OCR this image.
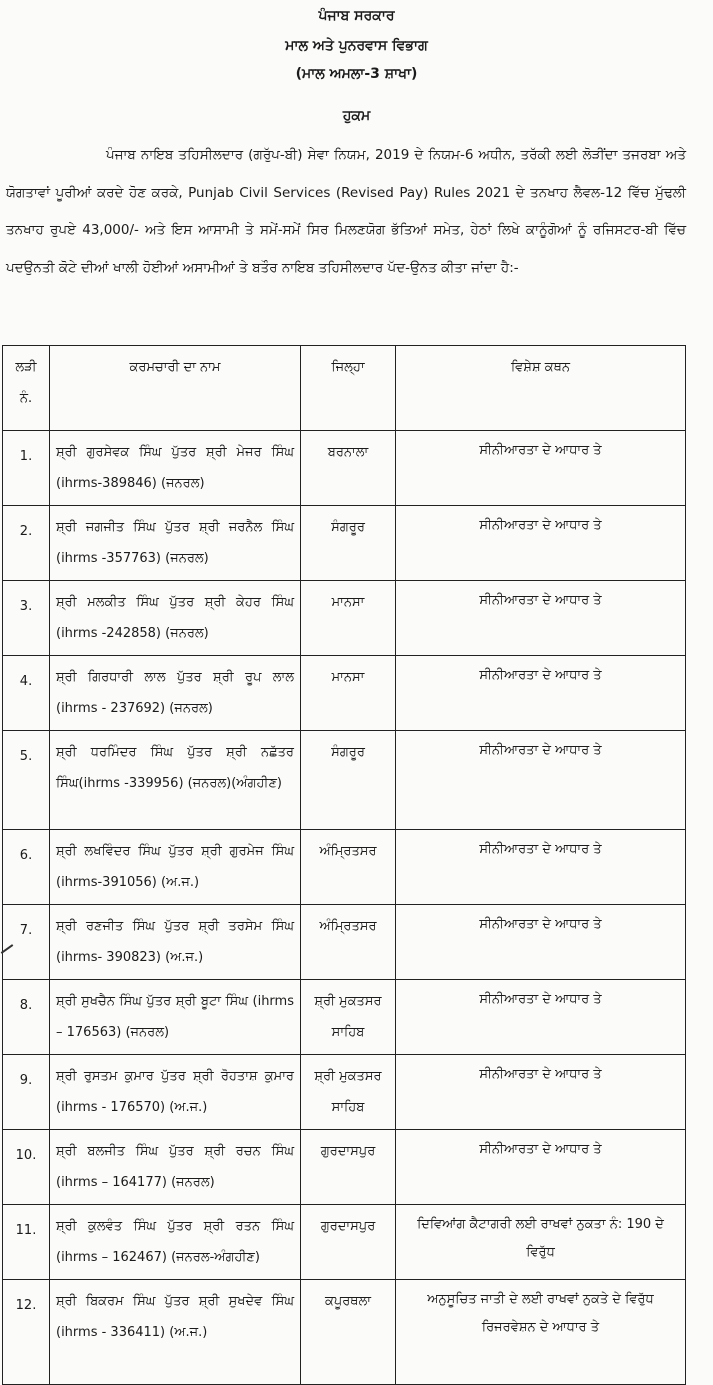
ਪੰਜਾਬ ਸਰਕਾਰ
ਮਾਲ ਅਤੇ ਪੁਨਰਵਾਸ ਵਿਭਾਗ
(ਮਾਲ ਅਮਲਾ-3 ਸ਼ਾਖਾ)
ਹੁਕਮ
ਪੰਜਾਬ ਨਾਇਬ ਤਹਿਸੀਲਦਾਰ (ਗਰੁੱਪ-ਬੀ) ਸੇਵਾ ਨਿਯਮ, 2019 ਦੇ ਨਿਯਮ-6 ਅਧੀਨ, ਤਰੱਕੀ ਲਈ ਲੋੜੀਂਦਾ ਤਜਰਬਾ ਅਤੇ ਯੋਗਤਾਵਾਂ ਪੂਰੀਆਂ ਕਰਦੇ ਹੋਣ ਕਰਕੇ, Punjab Civil Services (Revised Pay) Rules 2021 ਦੇ ਤਨਖਾਹ ਲੈਵਲ-12 ਵਿੱਚ ਮੁੱਢਲੀ ਤਨਖਾਹ ਰੁਪਏ 43,000/- ਅਤੇ ਇਸ ਆਸਾਮੀ ਤੇ ਸਮੇਂ-ਸਮੇਂ ਸਿਰ ਮਿਲਣਯੋਗ ਭੱਤਿਆਂ ਸਮੇਤ, ਹੇਠਾਂ ਲਿਖੇ ਕਾਨੂੰਗੋਆਂ ਨੂੰ ਰਜਿਸਟਰ-ਬੀ ਵਿੱਚ ਪਦਉਨਤੀ ਕੋਟੇ ਦੀਆਂ ਖਾਲੀ ਹੋਈਆਂ ਅਸਾਮੀਆਂ ਤੇ ਬਤੌਰ ਨਾਇਬ ਤਹਿਸੀਲਦਾਰ ਪੱਦ-ਉਨਤ ਕੀਤਾ ਜਾਂਦਾ ਹੈ:-
ਲੜੀ ਨੰ.	ਕਰਮਚਾਰੀ ਦਾ ਨਾਮ	ਜਿਲ੍ਹਾ	ਵਿਸ਼ੇਸ਼ ਕਥਨ
1.	ਸ਼੍ਰੀ ਗੁਰਸੇਵਕ ਸਿੰਘ ਪੁੱਤਰ ਸ਼੍ਰੀ ਮੇਜਰ ਸਿੰਘ (ihrms-389846) (ਜਨਰਲ)	ਬਰਨਾਲਾ	ਸੀਨੀਆਰਤਾ ਦੇ ਆਧਾਰ ਤੇ
2.	ਸ਼੍ਰੀ ਜਗਜੀਤ ਸਿੰਘ ਪੁੱਤਰ ਸ਼੍ਰੀ ਜਰਨੈਲ ਸਿੰਘ (ihrms -357763) (ਜਨਰਲ)	ਸੰਗਰੂਰ	ਸੀਨੀਆਰਤਾ ਦੇ ਆਧਾਰ ਤੇ
3.	ਸ਼੍ਰੀ ਮਲਕੀਤ ਸਿੰਘ ਪੁੱਤਰ ਸ਼੍ਰੀ ਕੇਹਰ ਸਿੰਘ (ihrms -242858) (ਜਨਰਲ)	ਮਾਨਸਾ	ਸੀਨੀਆਰਤਾ ਦੇ ਆਧਾਰ ਤੇ
4.	ਸ਼੍ਰੀ ਗਿਰਧਾਰੀ ਲਾਲ ਪੁੱਤਰ ਸ਼੍ਰੀ ਰੂਪ ਲਾਲ (ihrms - 237692) (ਜਨਰਲ)	ਮਾਨਸਾ	ਸੀਨੀਆਰਤਾ ਦੇ ਆਧਾਰ ਤੇ
5.	ਸ਼੍ਰੀ ਧਰਮਿੰਦਰ ਸਿੰਘ ਪੁੱਤਰ ਸ਼੍ਰੀ ਨਛੱਤਰ ਸਿੰਘ(ihrms -339956) (ਜਨਰਲ)(ਅੰਗਹੀਣ)	ਸੰਗਰੂਰ	ਸੀਨੀਆਰਤਾ ਦੇ ਆਧਾਰ ਤੇ
6.	ਸ਼੍ਰੀ ਲਖਵਿੰਦਰ ਸਿੰਘ ਪੁੱਤਰ ਸ਼੍ਰੀ ਗੁਰਮੇਜ ਸਿੰਘ (ihrms-391056) (ਅ.ਜ.)	ਅੰਮ੍ਰਿਤਸਰ	ਸੀਨੀਆਰਤਾ ਦੇ ਆਧਾਰ ਤੇ
7.	ਸ਼੍ਰੀ ਰਣਜੀਤ ਸਿੰਘ ਪੁੱਤਰ ਸ਼੍ਰੀ ਤਰਸੇਮ ਸਿੰਘ (ihrms- 390823) (ਅ.ਜ.)	ਅੰਮ੍ਰਿਤਸਰ	ਸੀਨੀਆਰਤਾ ਦੇ ਆਧਾਰ ਤੇ
8.	ਸ਼੍ਰੀ ਸੁਖਚੈਨ ਸਿੰਘ ਪੁੱਤਰ ਸ਼੍ਰੀ ਬੂਟਾ ਸਿੰਘ (ihrms – 176563) (ਜਨਰਲ)	ਸ਼੍ਰੀ ਮੁਕਤਸਰ ਸਾਹਿਬ	ਸੀਨੀਆਰਤਾ ਦੇ ਆਧਾਰ ਤੇ
9.	ਸ਼੍ਰੀ ਰੁਸਤਮ ਕੁਮਾਰ ਪੁੱਤਰ ਸ਼੍ਰੀ ਰੋਹਤਾਸ਼ ਕੁਮਾਰ (ihrms - 176570) (ਅ.ਜ.)	ਸ਼੍ਰੀ ਮੁਕਤਸਰ ਸਾਹਿਬ	ਸੀਨੀਆਰਤਾ ਦੇ ਆਧਾਰ ਤੇ
10.	ਸ਼੍ਰੀ ਬਲਜੀਤ ਸਿੰਘ ਪੁੱਤਰ ਸ਼੍ਰੀ ਰਚਨ ਸਿੰਘ (ihrms – 164177) (ਜਨਰਲ)	ਗੁਰਦਾਸਪੁਰ	ਸੀਨੀਆਰਤਾ ਦੇ ਆਧਾਰ ਤੇ
11.	ਸ਼੍ਰੀ ਕੁਲਵੰਤ ਸਿੰਘ ਪੁੱਤਰ ਸ਼੍ਰੀ ਰਤਨ ਸਿੰਘ (ihrms – 162467) (ਜਨਰਲ-ਅੰਗਹੀਣ)	ਗੁਰਦਾਸਪੁਰ	ਦਿਵਿਆਂਗ ਕੈਟਾਗਰੀ ਲਈ ਰਾਖਵਾਂ ਨੁਕਤਾ ਨੰ: 190 ਦੇ ਵਿਰੁੱਧ
12.	ਸ਼੍ਰੀ ਬਿਕਰਮ ਸਿੰਘ ਪੁੱਤਰ ਸ਼੍ਰੀ ਸੁਖਦੇਵ ਸਿੰਘ (ihrms - 336411) (ਅ.ਜ.)	ਕਪੂਰਥਲਾ	ਅਨੁਸੂਚਿਤ ਜਾਤੀ ਦੇ ਲਈ ਰਾਖਵਾਂ ਨੁਕਤੇ ਦੇ ਵਿਰੁੱਧ ਰਿਜਰਵੇਸ਼ਨ ਦੇ ਆਧਾਰ ਤੇ
